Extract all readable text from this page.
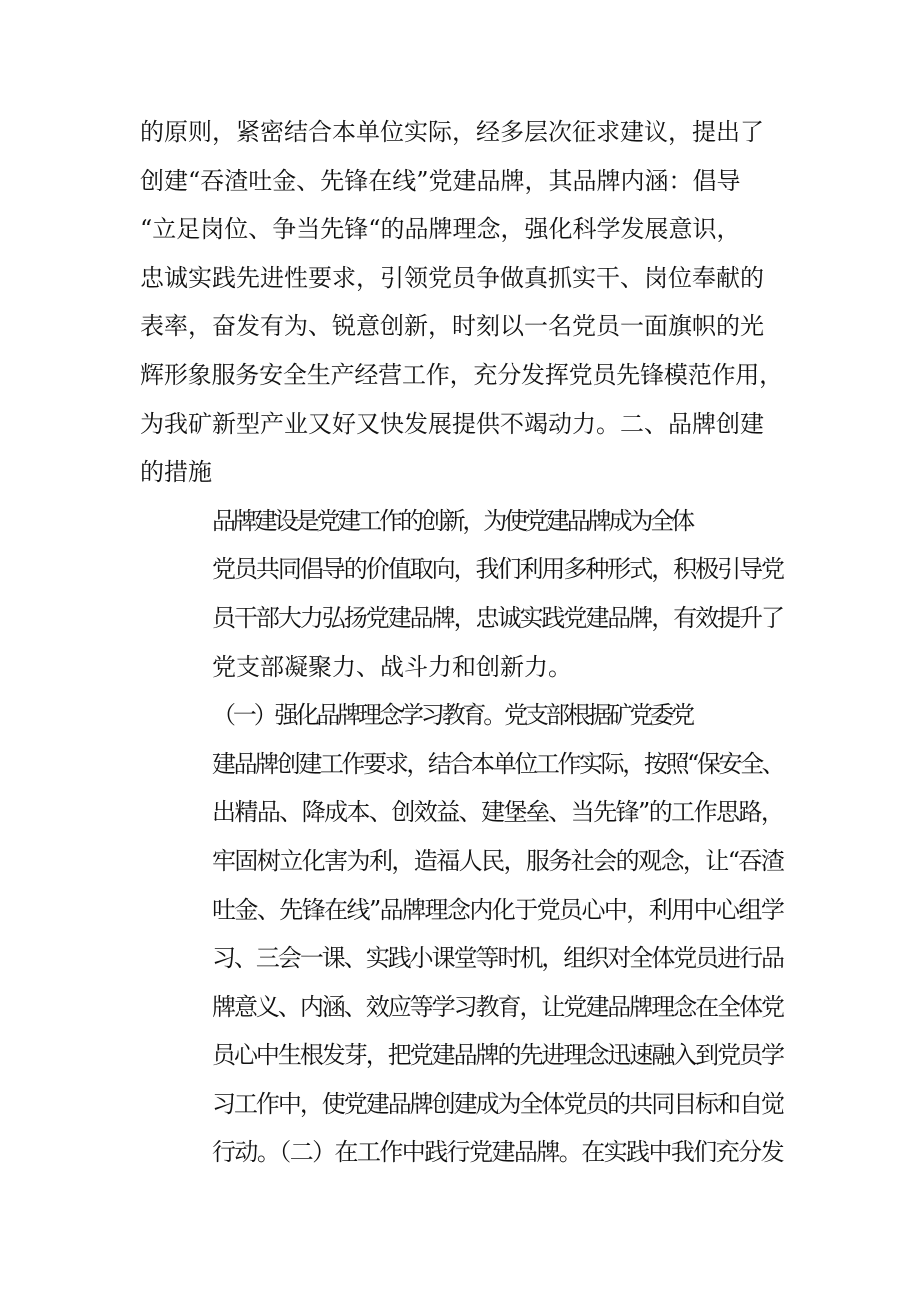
的原则，紧密结合本单位实际，经多层次征求建议，提出了
创建“吞渣吐金、先锋在线”党建品牌，其品牌内涵：倡导
“立足岗位、争当先锋“的品牌理念，强化科学发展意识，
忠诚实践先进性要求，引领党员争做真抓实干、岗位奉献的
表率，奋发有为、锐意创新，时刻以一名党员一面旗帜的光
辉形象服务安全生产经营工作，充分发挥党员先锋模范作用，
为我矿新型产业又好又快发展提供不竭动力。二、品牌创建
的措施
品牌建设是党建工作的创新，为使党建品牌成为全体
党员共同倡导的价值取向，我们利用多种形式，积极引导党
员干部大力弘扬党建品牌，忠诚实践党建品牌，有效提升了
党支部凝聚力、战斗力和创新力。
（一）强化品牌理念学习教育。党支部根据矿党委党
建品牌创建工作要求，结合本单位工作实际，按照“保安全、
出精品、降成本、创效益、建堡垒、当先锋”的工作思路，
牢固树立化害为利，造福人民，服务社会的观念，让“吞渣
吐金、先锋在线”品牌理念内化于党员心中，利用中心组学
习、三会一课、实践小课堂等时机，组织对全体党员进行品
牌意义、内涵、效应等学习教育，让党建品牌理念在全体党
员心中生根发芽，把党建品牌的先进理念迅速融入到党员学
习工作中，使党建品牌创建成为全体党员的共同目标和自觉
行动。（二）在工作中践行党建品牌。在实践中我们充分发
